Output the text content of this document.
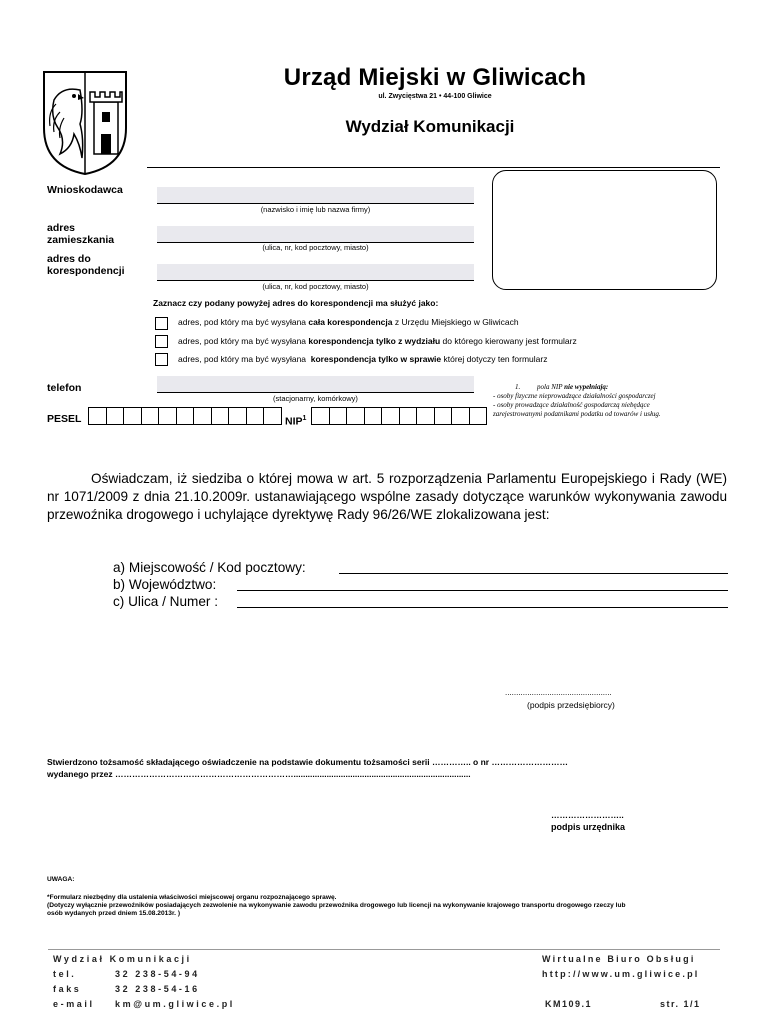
Urząd Miejski w Gliwicach
ul. Zwycięstwa 21 • 44-100 Gliwice
Wydział Komunikacji
Wnioskodawca
(nazwisko i imię lub nazwa firmy)
adres
zamieszkania
(ulica, nr, kod pocztowy, miasto)
adres do
korespondencji
(ulica, nr, kod pocztowy, miasto)
Zaznacz czy podany powyżej adres do korespondencji ma służyć jako:
adres, pod który ma być wysyłana cała korespondencja z Urzędu Miejskiego w Gliwicach
adres, pod który ma być wysyłana korespondencja tylko z wydziału do którego kierowany jest formularz
adres, pod który ma być wysyłana  korespondencja tylko w sprawie której dotyczy ten formularz
telefon
(stacjonarny, komórkowy)
PESEL	NIP$^1$
1. pola NIP nie wypełniają:
- osoby fizyczne nieprowadzące działalności gospodarczej
- osoby prowadzące działalność gospodarczą niebędące
zarejestrowanymi podatnikami podatku od towarów i usług.
Oświadczam, iż siedziba o której mowa w art. 5 rozporządzenia Parlamentu Europejskiego i Rady (WE) nr 1071/2009 z dnia 21.10.2009r. ustanawiającego wspólne zasady dotyczące warunków wykonywania zawodu przewoźnika drogowego i uchylające dyrektywę Rady 96/26/WE zlokalizowana jest:
a) Miejscowość / Kod pocztowy:
b) Województwo:
c) Ulica / Numer :
................................................
(podpis przedsiębiorcy)
Stwierdzono tożsamość składającego oświadczenie na podstawie dokumentu tożsamości serii ………….. o nr ………………………
wydanego przez ………………………………………………………...........................................................................
……………………..
podpis urzędnika
UWAGA:
*Formularz niezbędny dla ustalenia właściwości miejscowej organu rozpoznającego sprawę.
(Dotyczy wyłącznie przewoźników posiadających zezwolenie na wykonywanie zawodu przewoźnika drogowego lub licencji na wykonywanie krajowego transportu drogowego rzeczy lub
osób wydanych przed dniem 15.08.2013r. )
Wydział Komunikacji
tel.	32 238-54-94
faks	32 238-54-16
e-mail km@um.gliwice.pl
Wirtualne Biuro Obsługi
http://www.um.gliwice.pl
KM109.1	str. 1/1
